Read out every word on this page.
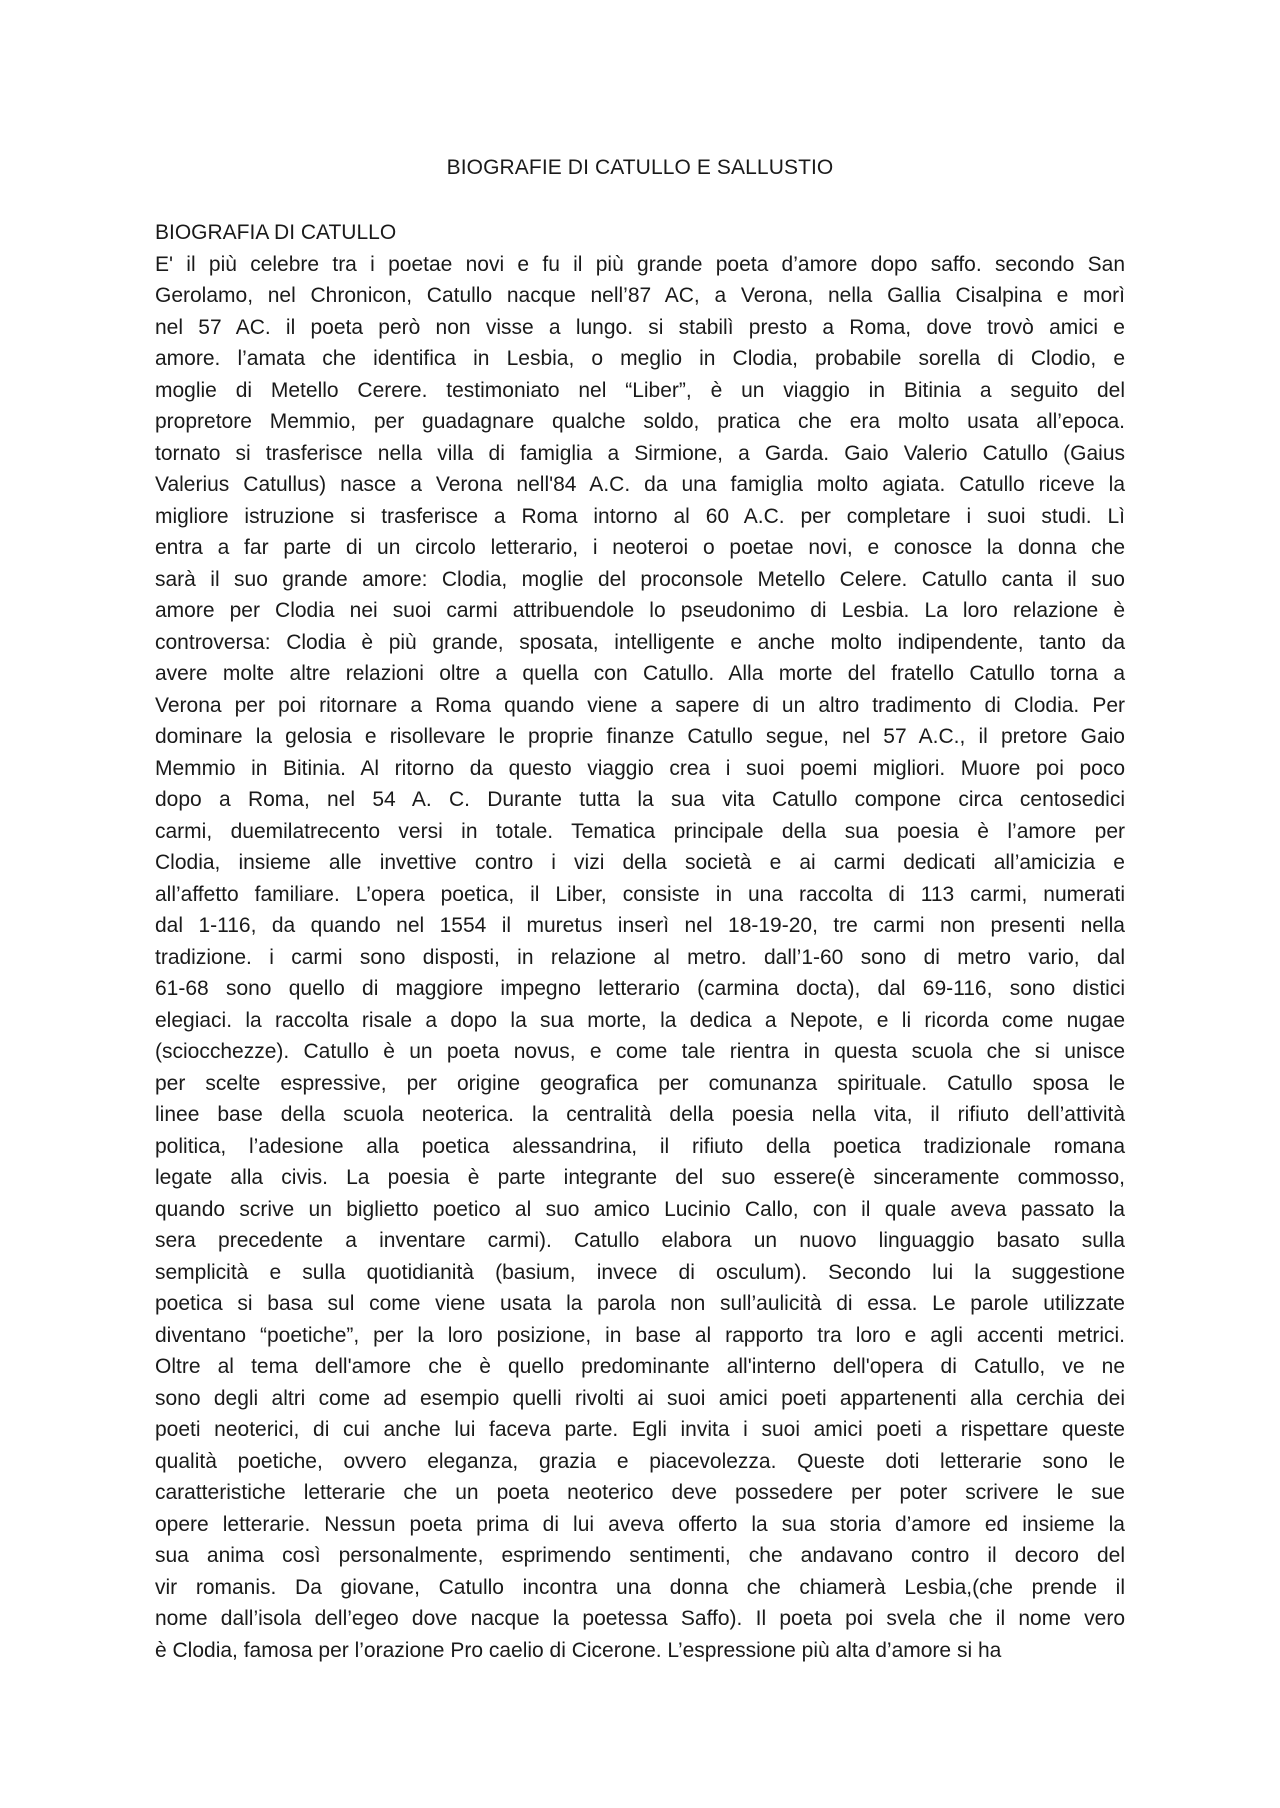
BIOGRAFIE DI CATULLO E SALLUSTIO

BIOGRAFIA DI CATULLO

E' il più celebre tra i poetae novi e fu il più grande poeta d’amore dopo saffo. secondo San
Gerolamo, nel Chronicon, Catullo nacque nell’87 AC, a Verona, nella Gallia Cisalpina e morì
nel 57 AC. il poeta però non visse a lungo. si stabilì presto a Roma, dove trovò amici e
amore. l’amata che identifica in Lesbia, o meglio in Clodia, probabile sorella di Clodio, e
moglie di Metello Cerere. testimoniato nel “Liber”, è un viaggio in Bitinia a seguito del
propretore Memmio, per guadagnare qualche soldo, pratica che era molto usata all’epoca.
tornato si trasferisce nella villa di famiglia a Sirmione, a Garda. Gaio Valerio Catullo (Gaius
Valerius Catullus) nasce a Verona nell'84 A.C. da una famiglia molto agiata. Catullo riceve la
migliore istruzione si trasferisce a Roma intorno al 60 A.C. per completare i suoi studi. Lì
entra a far parte di un circolo letterario, i neoteroi o poetae novi, e conosce la donna che
sarà il suo grande amore: Clodia, moglie del proconsole Metello Celere. Catullo canta il suo
amore per Clodia nei suoi carmi attribuendole lo pseudonimo di Lesbia. La loro relazione è
controversa: Clodia è più grande, sposata, intelligente e anche molto indipendente, tanto da
avere molte altre relazioni oltre a quella con Catullo. Alla morte del fratello Catullo torna a
Verona per poi ritornare a Roma quando viene a sapere di un altro tradimento di Clodia. Per
dominare la gelosia e risollevare le proprie finanze Catullo segue, nel 57 A.C., il pretore Gaio
Memmio in Bitinia. Al ritorno da questo viaggio crea i suoi poemi migliori. Muore poi poco
dopo a Roma, nel 54 A. C. Durante tutta la sua vita Catullo compone circa centosedici
carmi, duemilatrecento versi in totale. Tematica principale della sua poesia è l’amore per
Clodia, insieme alle invettive contro i vizi della società e ai carmi dedicati all’amicizia e
all’affetto familiare. L’opera poetica, il Liber, consiste in una raccolta di 113 carmi, numerati
dal 1-116, da quando nel 1554 il muretus inserì nel 18-19-20, tre carmi non presenti nella
tradizione. i carmi sono disposti, in relazione al metro. dall’1-60 sono di metro vario, dal
61-68 sono quello di maggiore impegno letterario (carmina docta), dal 69-116, sono distici
elegiaci. la raccolta risale a dopo la sua morte, la dedica a Nepote, e li ricorda come nugae
(sciocchezze). Catullo è un poeta novus, e come tale rientra in questa scuola che si unisce
per scelte espressive, per origine geografica per comunanza spirituale. Catullo sposa le
linee base della scuola neoterica. la centralità della poesia nella vita, il rifiuto dell’attività
politica, l’adesione alla poetica alessandrina, il rifiuto della poetica tradizionale romana
legate alla civis. La poesia è parte integrante del suo essere(è sinceramente commosso,
quando scrive un biglietto poetico al suo amico Lucinio Callo, con il quale aveva passato la
sera precedente a inventare carmi). Catullo elabora un nuovo linguaggio basato sulla
semplicità e sulla quotidianità (basium, invece di osculum). Secondo lui la suggestione
poetica si basa sul come viene usata la parola non sull’aulicità di essa. Le parole utilizzate
diventano “poetiche”, per la loro posizione, in base al rapporto tra loro e agli accenti metrici.
Oltre al tema dell'amore che è quello predominante all'interno dell'opera di Catullo, ve ne
sono degli altri come ad esempio quelli rivolti ai suoi amici poeti appartenenti alla cerchia dei
poeti neoterici, di cui anche lui faceva parte. Egli invita i suoi amici poeti a rispettare queste
qualità poetiche, ovvero eleganza, grazia e piacevolezza. Queste doti letterarie sono le
caratteristiche letterarie che un poeta neoterico deve possedere per poter scrivere le sue
opere letterarie. Nessun poeta prima di lui aveva offerto la sua storia d’amore ed insieme la
sua anima così personalmente, esprimendo sentimenti, che andavano contro il decoro del
vir romanis. Da giovane, Catullo incontra una donna che chiamerà Lesbia,(che prende il
nome dall’isola dell’egeo dove nacque la poetessa Saffo). Il poeta poi svela che il nome vero
è Clodia, famosa per l’orazione Pro caelio di Cicerone. L’espressione più alta d’amore si ha
